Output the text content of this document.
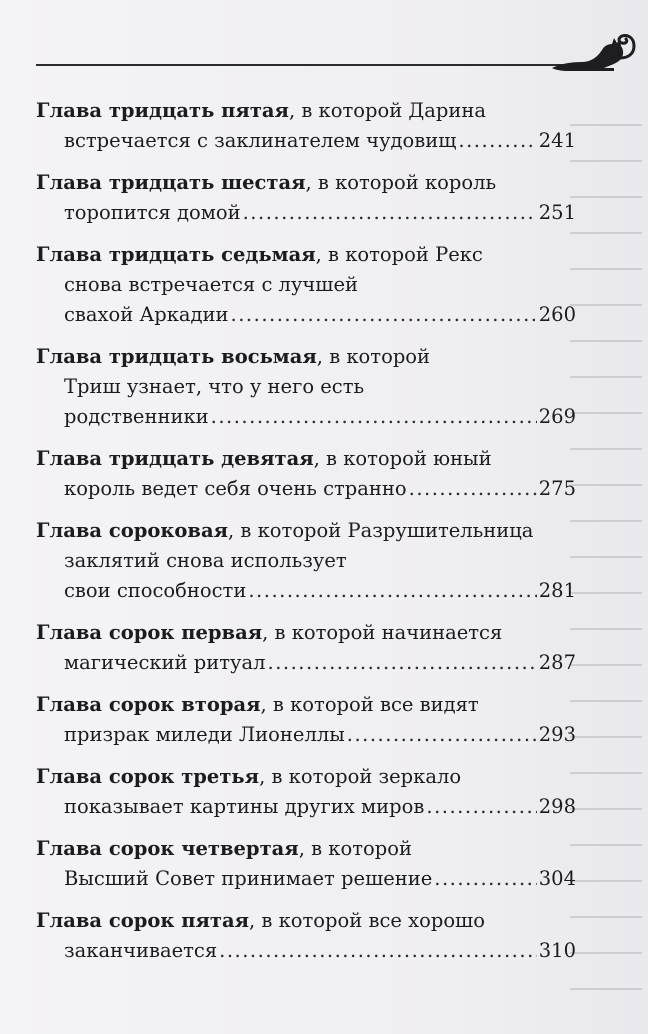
Глава тридцать пятая , в которой Дарина
встречается с заклинателем чудовищ .....	241
Глава тридцать шестая , в которой король
торопится домой .....	251
Глава тридцать седьмая , в которой Рекс
снова встречается с лучшей
свахой Аркадии .....	260
Глава тридцать восьмая , в которой
Триш узнает, что у него есть
родственники .....	269
Глава тридцать девятая , в которой юный
король ведет себя очень странно .....	275
Глава сороковая , в которой Разрушительница
заклятий снова использует
свои способности .....	281
Глава сорок первая , в которой начинается
магический ритуал .....	287
Глава сорок вторая , в которой все видят
призрак миледи Лионеллы .....	293
Глава сорок третья , в которой зеркало
показывает картины других миров .....	298
Глава сорок четвертая , в которой
Высший Совет принимает решение .....	304
Глава сорок пятая , в которой все хорошо
заканчивается .....	310
